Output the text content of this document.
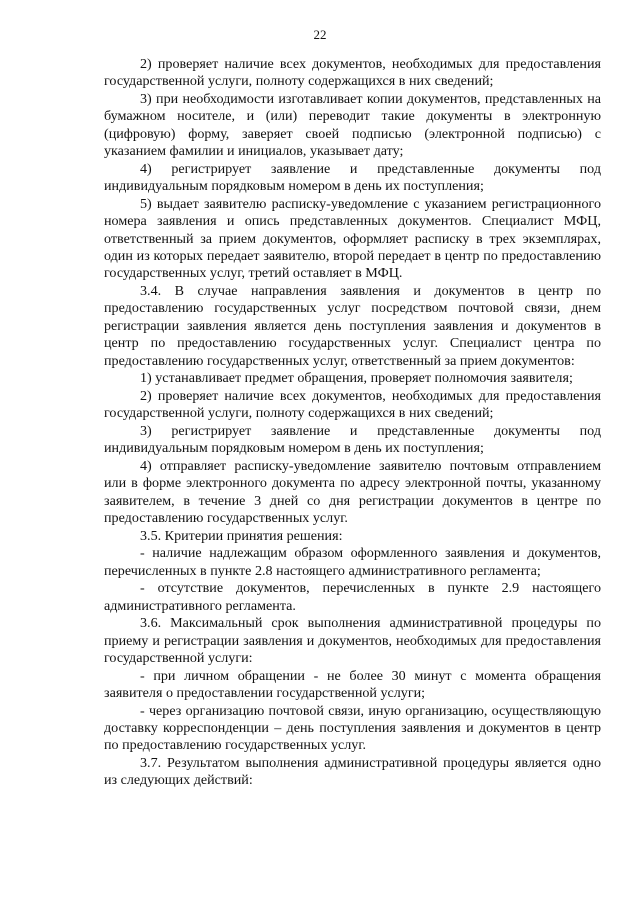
22

2) проверяет наличие всех документов, необходимых для предоставления государственной услуги, полноту содержащихся в них сведений;

3) при необходимости изготавливает копии документов, представленных на бумажном носителе, и (или) переводит такие документы в электронную (цифровую) форму, заверяет своей подписью (электронной подписью) с указанием фамилии и инициалов, указывает дату;

4) регистрирует заявление и представленные документы под индивидуальным порядковым номером в день их поступления;

5) выдает заявителю расписку-уведомление с указанием регистрационного номера заявления и опись представленных документов. Специалист МФЦ, ответственный за прием документов, оформляет расписку в трех экземплярах, один из которых передает заявителю, второй передает в центр по предоставлению государственных услуг, третий оставляет в МФЦ.

3.4. В случае направления заявления и документов в центр по предоставлению государственных услуг посредством почтовой связи, днем регистрации заявления является день поступления заявления и документов в центр по предоставлению государственных услуг. Специалист центра по предоставлению государственных услуг, ответственный за прием документов:

1) устанавливает предмет обращения, проверяет полномочия заявителя;

2) проверяет наличие всех документов, необходимых для предоставления государственной услуги, полноту содержащихся в них сведений;

3) регистрирует заявление и представленные документы под индивидуальным порядковым номером в день их поступления;

4) отправляет расписку-уведомление заявителю почтовым отправлением или в форме электронного документа по адресу электронной почты, указанному заявителем, в течение 3 дней со дня регистрации документов в центре по предоставлению государственных услуг.

3.5. Критерии принятия решения:

- наличие надлежащим образом оформленного заявления и документов, перечисленных в пункте 2.8 настоящего административного регламента;

- отсутствие документов, перечисленных в пункте 2.9 настоящего административного регламента.

3.6. Максимальный срок выполнения административной процедуры по приему и регистрации заявления и документов, необходимых для предоставления государственной услуги:

- при личном обращении - не более 30 минут с момента обращения заявителя о предоставлении государственной услуги;

- через организацию почтовой связи, иную организацию, осуществляющую доставку корреспонденции – день поступления заявления и документов в центр по предоставлению государственных услуг.

3.7. Результатом выполнения административной процедуры является одно из следующих действий:
